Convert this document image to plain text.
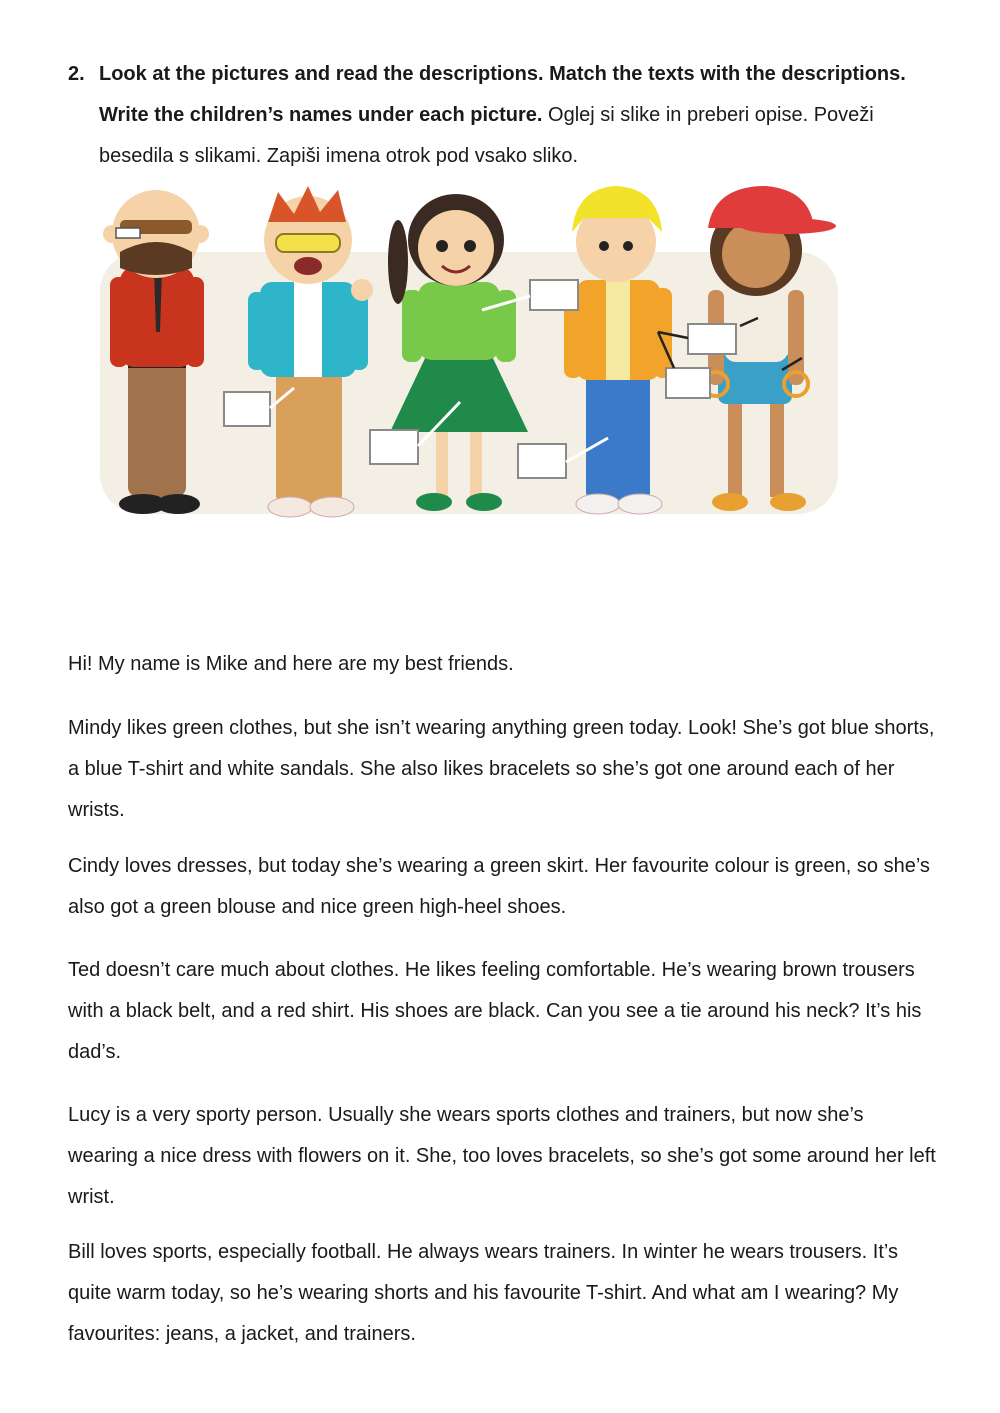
2. Look at the pictures and read the descriptions. Match the texts with the descriptions. Write the children’s names under each picture. Oglej si slike in preberi opise. Poveži besedila s slikami. Zapiši imena otrok pod vsako sliko.

Hi! My name is Mike and here are my best friends.

Mindy likes green clothes, but she isn’t wearing anything green today. Look! She’s got blue shorts, a blue T-shirt and white sandals. She also likes bracelets so she’s got one around each of her wrists.

Cindy loves dresses, but today she’s wearing a green skirt. Her favourite colour is green, so she’s also got a green blouse and nice green high-heel shoes.

Ted doesn’t care much about clothes. He likes feeling comfortable. He’s wearing brown trousers with a black belt, and a red shirt. His shoes are black. Can you see a tie around his neck? It’s his dad’s.

Lucy is a very sporty person. Usually she wears sports clothes and trainers, but now she’s wearing a nice dress with flowers on it. She, too loves bracelets, so she’s got some around her left wrist.

Bill loves sports, especially football. He always wears trainers. In winter he wears trousers. It’s quite warm today, so he’s wearing shorts and his favourite T-shirt. And what am I wearing? My favourites: jeans, a jacket, and trainers.
